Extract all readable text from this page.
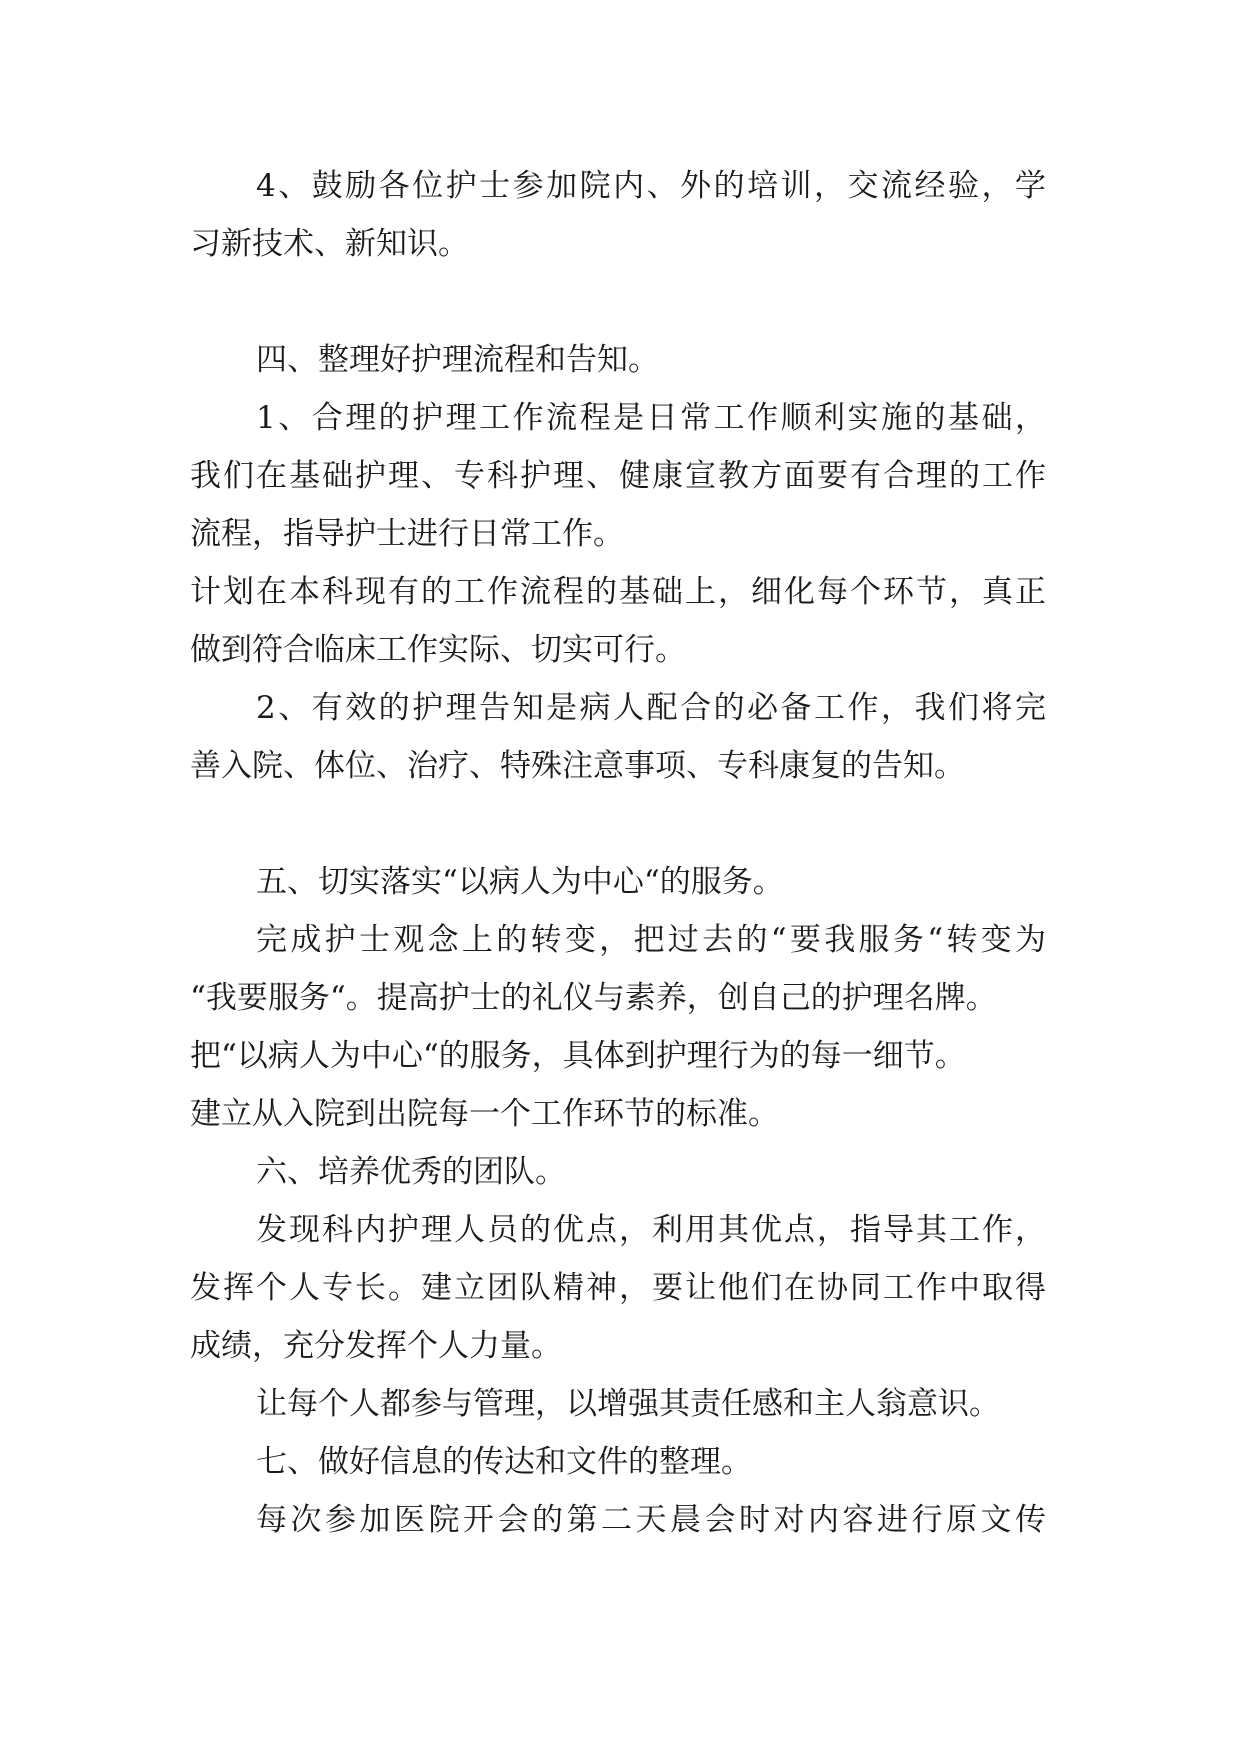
4、鼓励各位护士参加院内、外的培训，交流经验，学

习新技术、新知识。

四、整理好护理流程和告知。

1、合理的护理工作流程是日常工作顺利实施的基础，

我们在基础护理、专科护理、健康宣教方面要有合理的工作

流程，指导护士进行日常工作。

计划在本科现有的工作流程的基础上，细化每个环节，真正

做到符合临床工作实际、切实可行。

2、有效的护理告知是病人配合的必备工作，我们将完

善入院、体位、治疗、特殊注意事项、专科康复的告知。

五、切实落实“以病人为中心“的服务。

完成护士观念上的转变，把过去的“要我服务“转变为

“我要服务“。提高护士的礼仪与素养，创自己的护理名牌。

把“以病人为中心“的服务，具体到护理行为的每一细节。

建立从入院到出院每一个工作环节的标准。

六、培养优秀的团队。

发现科内护理人员的优点，利用其优点，指导其工作，

发挥个人专长。建立团队精神，要让他们在协同工作中取得

成绩，充分发挥个人力量。

让每个人都参与管理，以增强其责任感和主人翁意识。

七、做好信息的传达和文件的整理。

每次参加医院开会的第二天晨会时对内容进行原文传
